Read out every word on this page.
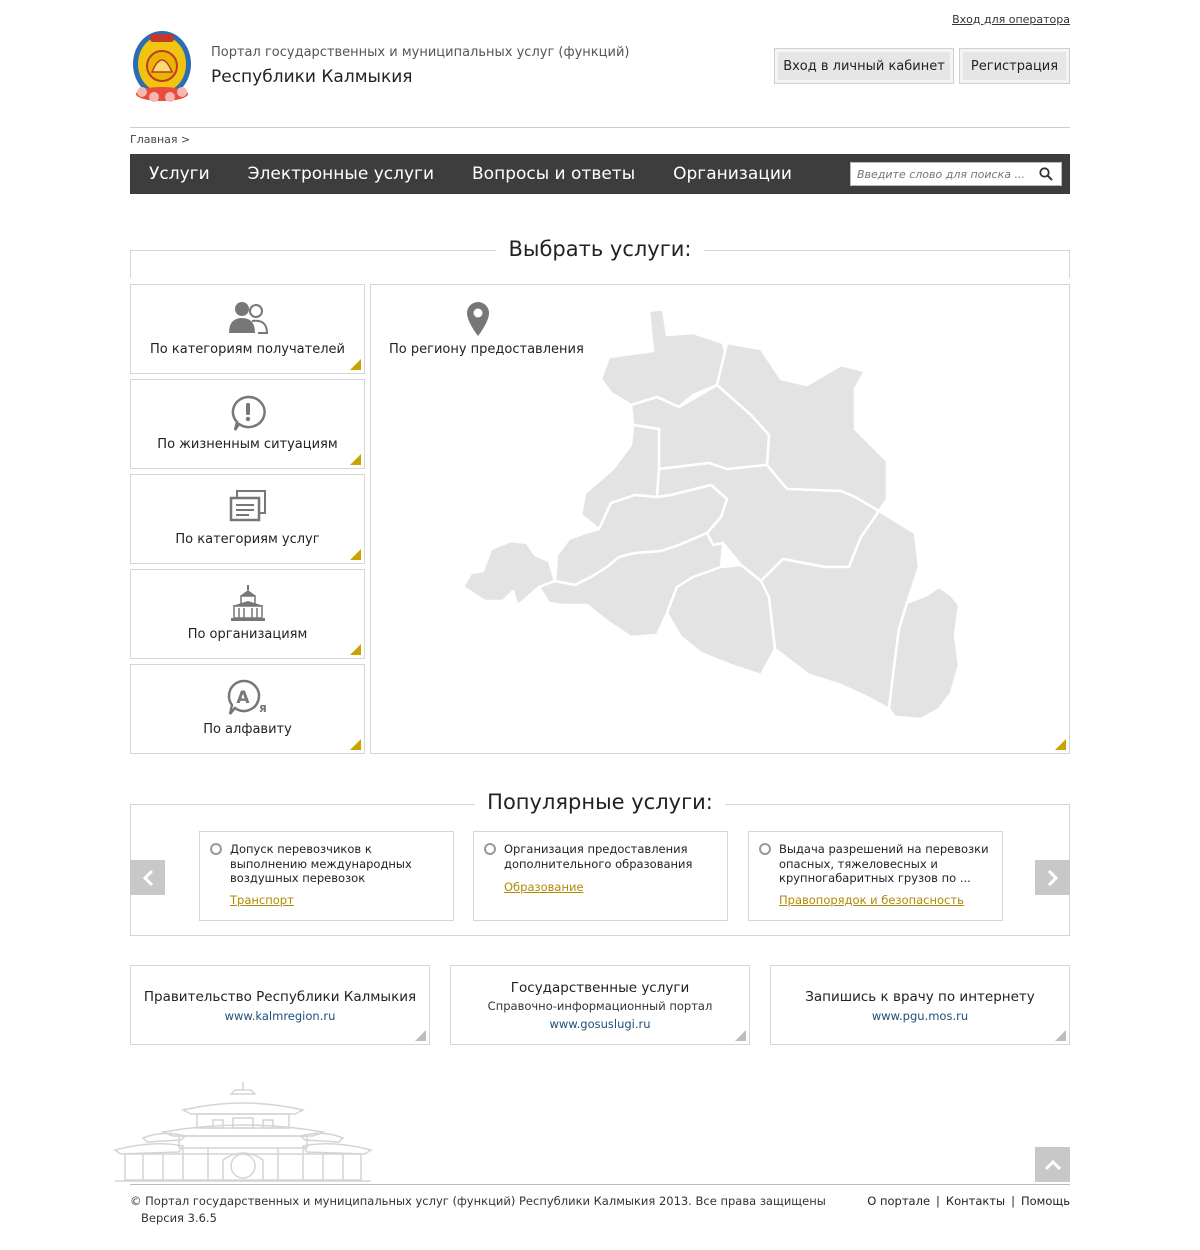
Вход для оператора
Портал государственных и муниципальных услуг (функций)
Республики Калмыкия
Вход в личный кабинет	Регистрация
Главная >
Услуги	Электронные услуги	Вопросы и ответы	Организации
Введите слово для поиска ...
Выбрать услуги:
По категориям получателей
По жизненным ситуациям
По категориям услуг
По организациям
A я
По алфавиту
По региону предоставления
Популярные услуги:
Допуск перевозчиков к выполнению международных воздушных перевозок
Транспорт
Организация предоставления дополнительного образования
Образование
Выдача разрешений на перевозки опасных, тяжеловесных и крупногабаритных грузов по ...
Правопорядок и безопасность
Правительство Республики Калмыкия
www.kalmregion.ru
Государственные услуги
Справочно-информационный портал
www.gosuslugi.ru
Запишись к врачу по интернету
www.pgu.mos.ru
© Портал государственных и муниципальных услуг (функций) Республики Калмыкия 2013. Все права защищены
Версия 3.6.5
О портале | Контакты | Помощь
